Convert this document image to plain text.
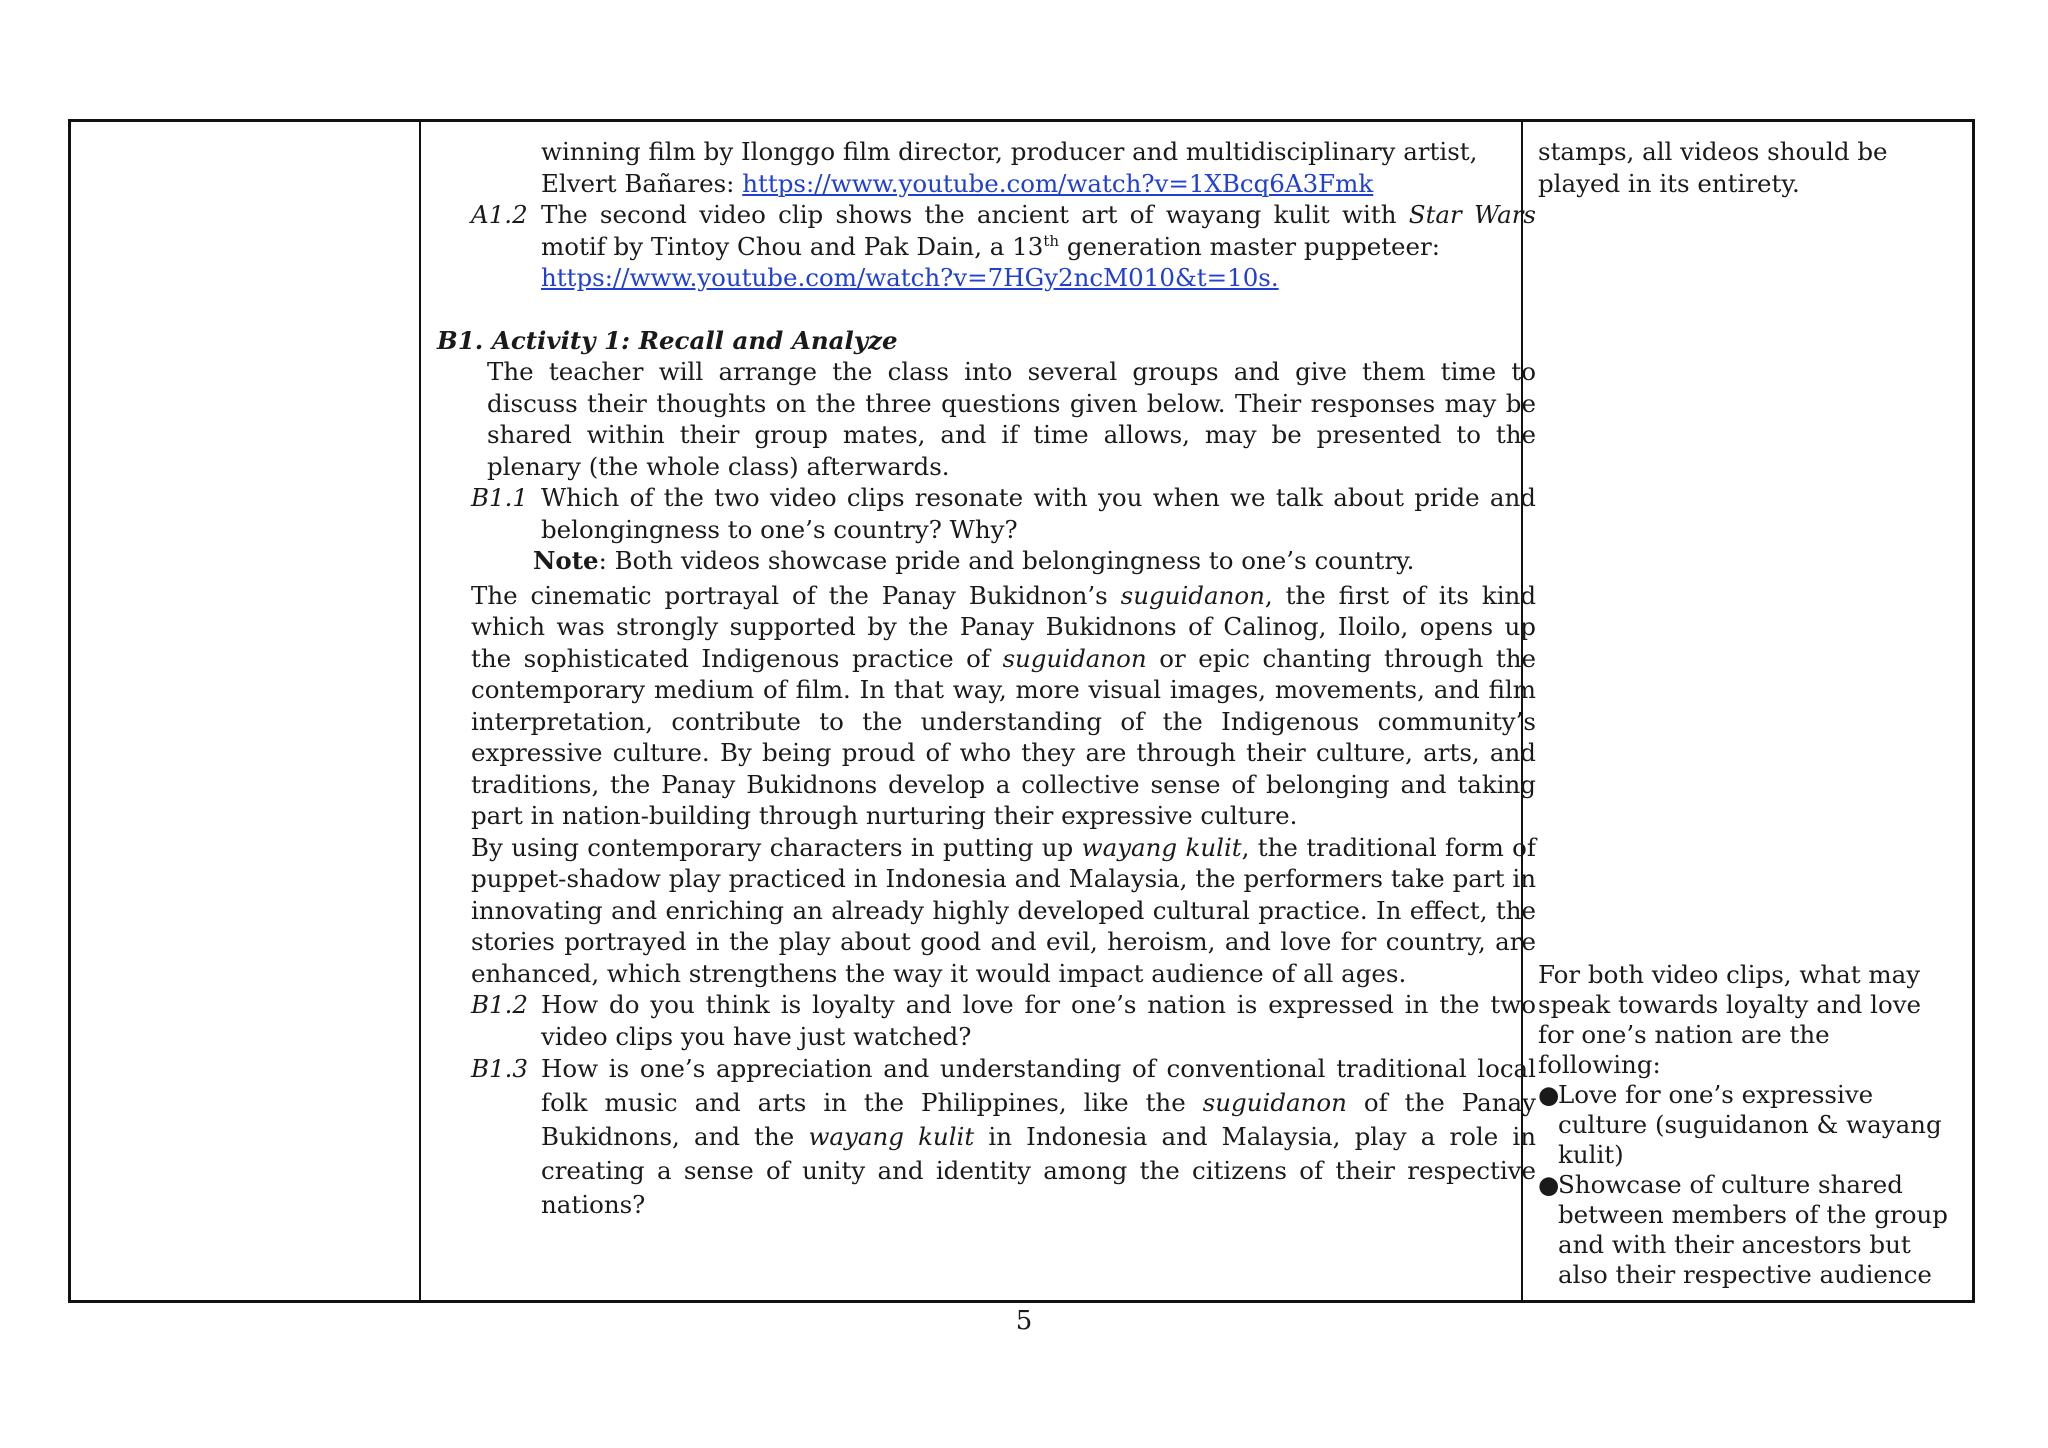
winning film by Ilonggo film director, producer and multidisciplinary artist,

Elvert Bañares: https://www.youtube.com/watch?v=1XBcq6A3Fmk

A1.2 The second video clip shows the ancient art of wayang kulit with Star Wars motif by Tintoy Chou and Pak Dain, a 13th generation master puppeteer:

https://www.youtube.com/watch?v=7HGy2ncM010&t=10s.

B1. Activity 1: Recall and Analyze

The teacher will arrange the class into several groups and give them time to discuss their thoughts on the three questions given below. Their responses may be shared within their group mates, and if time allows, may be presented to the plenary (the whole class) afterwards.

B1.1 Which of the two video clips resonate with you when we talk about pride and belongingness to one’s country? Why?

Note: Both videos showcase pride and belongingness to one’s country.

The cinematic portrayal of the Panay Bukidnon’s suguidanon, the first of its kind which was strongly supported by the Panay Bukidnons of Calinog, Iloilo, opens up the sophisticated Indigenous practice of suguidanon or epic chanting through the contemporary medium of film. In that way, more visual images, movements, and film interpretation, contribute to the understanding of the Indigenous community’s expressive culture. By being proud of who they are through their culture, arts, and traditions, the Panay Bukidnons develop a collective sense of belonging and taking part in nation-building through nurturing their expressive culture.

By using contemporary characters in putting up wayang kulit, the traditional form of puppet-shadow play practiced in Indonesia and Malaysia, the performers take part in innovating and enriching an already highly developed cultural practice. In effect, the stories portrayed in the play about good and evil, heroism, and love for country, are enhanced, which strengthens the way it would impact audience of all ages.

B1.2 How do you think is loyalty and love for one’s nation is expressed in the two video clips you have just watched?

B1.3 How is one’s appreciation and understanding of conventional traditional local folk music and arts in the Philippines, like the suguidanon of the Panay Bukidnons, and the wayang kulit in Indonesia and Malaysia, play a role in creating a sense of unity and identity among the citizens of their respective nations?

stamps, all videos should be played in its entirety.

For both video clips, what may speak towards loyalty and love for one’s nation are the following:

●
Love for one’s expressive culture (suguidanon & wayang kulit)
●
Showcase of culture shared between members of the group and with their ancestors but also their respective audience
5
